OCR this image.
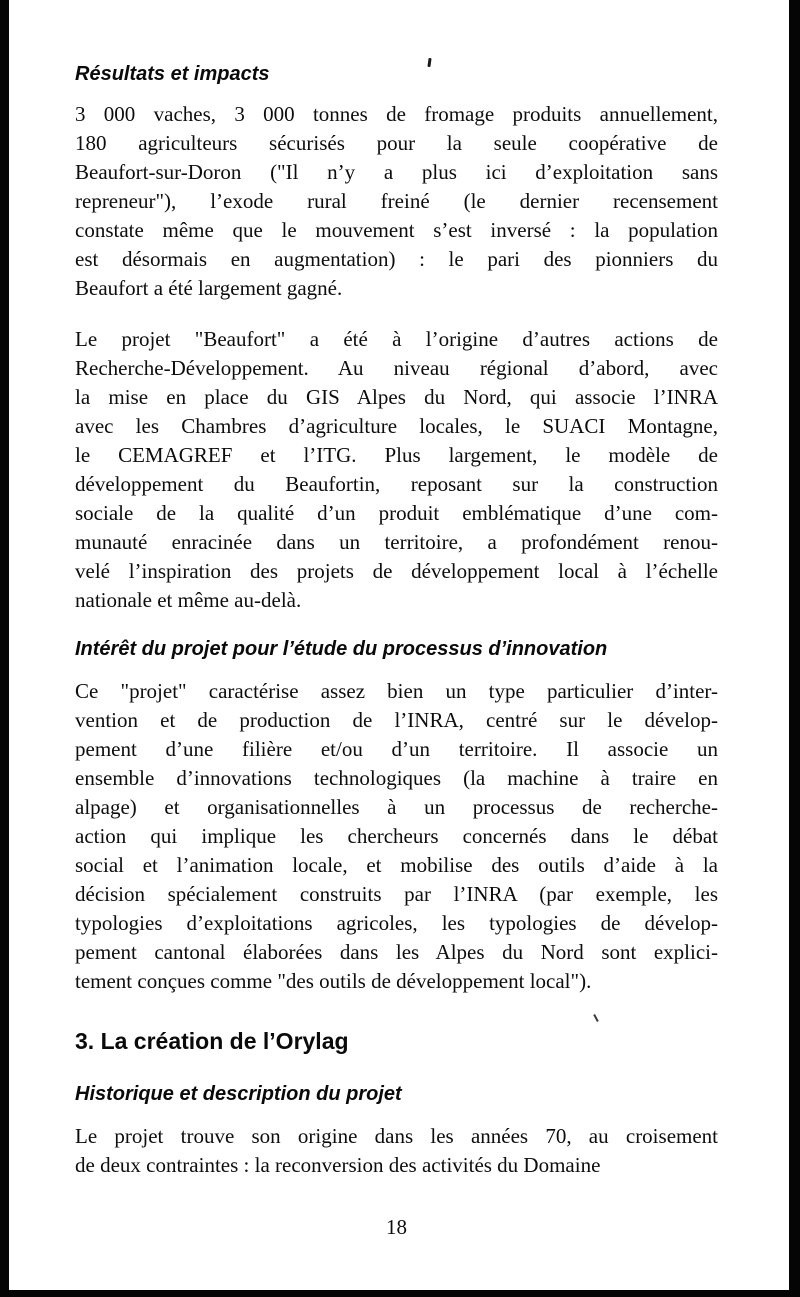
Résultats et impacts
3 000 vaches, 3 000 tonnes de fromage produits annuellement,
180 agriculteurs sécurisés pour la seule coopérative de
Beaufort-sur-Doron ("Il n’y a plus ici d’exploitation sans
repreneur"), l’exode rural freiné (le dernier recensement
constate même que le mouvement s’est inversé : la population
est désormais en augmentation) : le pari des pionniers du
Beaufort a été largement gagné.
Le projet "Beaufort" a été à l’origine d’autres actions de
Recherche-Développement. Au niveau régional d’abord, avec
la mise en place du GIS Alpes du Nord, qui associe l’INRA
avec les Chambres d’agriculture locales, le SUACI Montagne,
le CEMAGREF et l’ITG. Plus largement, le modèle de
développement du Beaufortin, reposant sur la construction
sociale de la qualité d’un produit emblématique d’une com-
munauté enracinée dans un territoire, a profondément renou-
velé l’inspiration des projets de développement local à l’échelle
nationale et même au-delà.
Intérêt du projet pour l’étude du processus d’innovation
Ce "projet" caractérise assez bien un type particulier d’inter-
vention et de production de l’INRA, centré sur le dévelop-
pement d’une filière et/ou d’un territoire. Il associe un
ensemble d’innovations technologiques (la machine à traire en
alpage) et organisationnelles à un processus de recherche-
action qui implique les chercheurs concernés dans le débat
social et l’animation locale, et mobilise des outils d’aide à la
décision spécialement construits par l’INRA (par exemple, les
typologies d’exploitations agricoles, les typologies de dévelop-
pement cantonal élaborées dans les Alpes du Nord sont explici-
tement conçues comme "des outils de développement local").
3. La création de l’Orylag
Historique et description du projet
Le projet trouve son origine dans les années 70, au croisement
de deux contraintes : la reconversion des activités du Domaine
18
